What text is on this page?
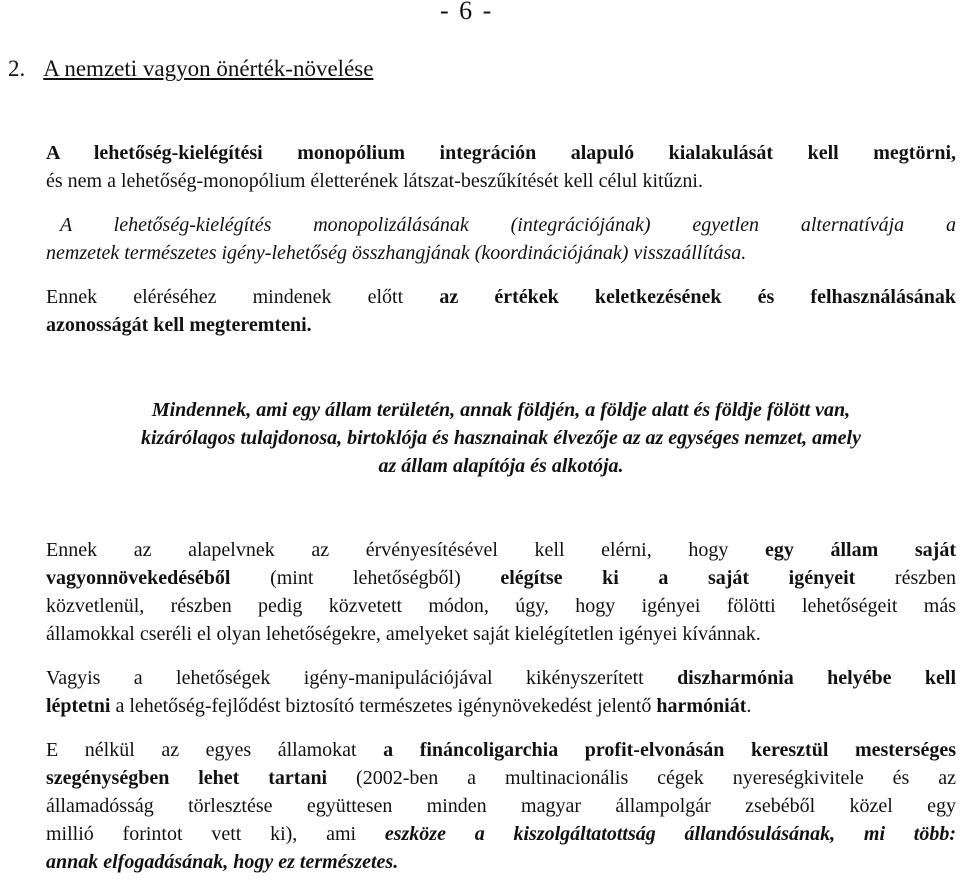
- 6 -
2. A nemzeti vagyon önérték-növelése
A lehetőség-kielégítési monopólium integráción alapuló kialakulását kell megtörni,
és nem a lehetőség-monopólium életterének látszat-beszűkítését kell célul kitűzni.
A lehetőség-kielégítés monopolizálásának (integrációjának) egyetlen alternatívája a
nemzetek természetes igény-lehetőség összhangjának (koordinációjának) visszaállítása.
Ennek eléréséhez mindenek előtt az értékek keletkezésének és felhasználásának
azonosságát kell megteremteni.
Mindennek, ami egy állam területén, annak földjén, a földje alatt és földje fölött van,
kizárólagos tulajdonosa, birtoklója és hasznainak élvezője az az egységes nemzet, amely
az állam alapítója és alkotója.
Ennek az alapelvnek az érvényesítésével kell elérni, hogy egy állam saját
vagyonnövekedéséből (mint lehetőségből) elégítse ki a saját igényeit részben
közvetlenül, részben pedig közvetett módon, úgy, hogy igényei fölötti lehetőségeit más
államokkal cseréli el olyan lehetőségekre, amelyeket saját kielégítetlen igényei kívánnak.
Vagyis a lehetőségek igény-manipulációjával kikényszerített diszharmónia helyébe kell
léptetni a lehetőség-fejlődést biztosító természetes igénynövekedést jelentő harmóniát.
E nélkül az egyes államokat a fináncoligarchia profit-elvonásán keresztül mesterséges
szegénységben lehet tartani (2002-ben a multinacionális cégek nyereségkivitele és az
államadósság törlesztése együttesen minden magyar állampolgár zsebéből közel egy
millió forintot vett ki), ami eszköze a kiszolgáltatottság állandósulásának, mi több:
annak elfogadásának, hogy ez természetes.
